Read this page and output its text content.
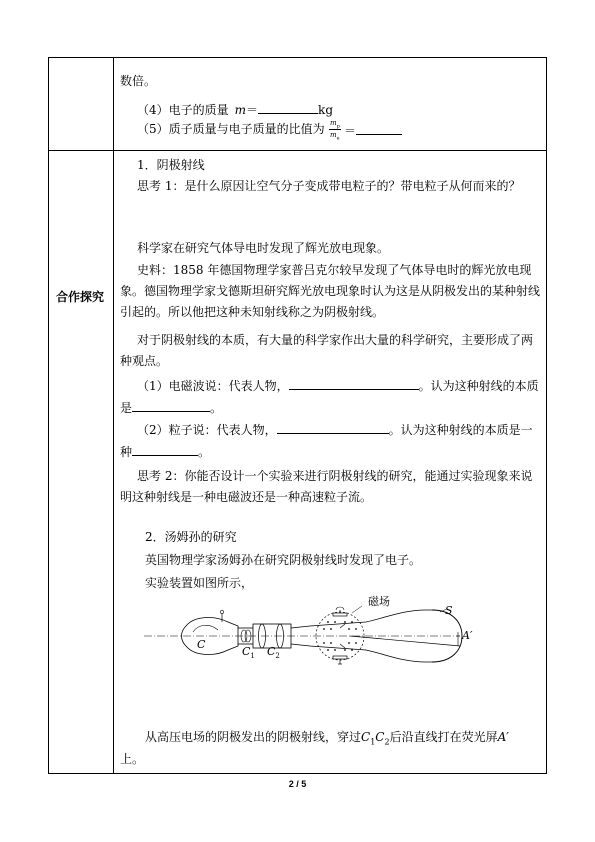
数倍。
（4）电子的质量 m＝	kg
（5）质子质量与电子质量的比值为 $m_p$
$m_e$
＝
合作探究
1．阴极射线
思考 1：是什么原因让空气分子变成带电粒子的？带电粒子从何而来的？
科学家在研究气体导电时发现了辉光放电现象。
史料：1858 年德国物理学家普吕克尔较早发现了气体导电时的辉光放电现
象。德国物理学家戈德斯坦研究辉光放电现象时认为这是从阴极发出的某种射线
引起的。所以他把这种未知射线称之为阴极射线。
对于阴极射线的本质，有大量的科学家作出大量的科学研究，主要形成了两
种观点。
（1）电磁波说：代表人物，	。认为这种射线的本质
是	。
（2）粒子说：代表人物，	。认为这种射线的本质是一
种	。
思考 2：你能否设计一个实验来进行阴极射线的研究，能通过实验现象来说
明这种射线是一种电磁波还是一种高速粒子流。
2．汤姆孙的研究
英国物理学家汤姆孙在研究阴极射线时发现了电子。
实验装置如图所示，
磁场
C
$C_1$ $C_2$
S
A′
从高压电场的阴极发出的阴极射线，穿过$C_1C_2$后沿直线打在荧光屏A′
上。
2 / 5
